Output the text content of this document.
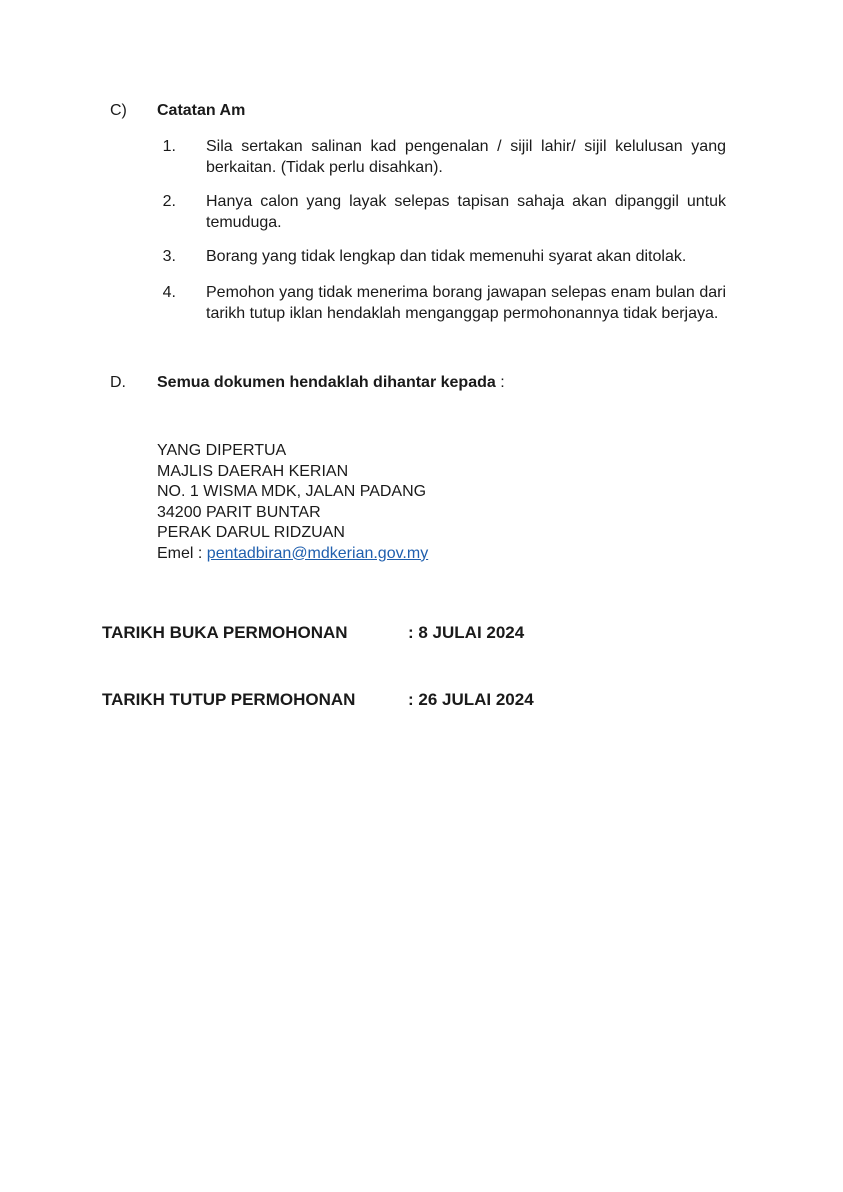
C) Catatan Am
1. Sila sertakan salinan kad pengenalan / sijil lahir/ sijil kelulusan yang berkaitan. (Tidak perlu disahkan).
2. Hanya calon yang layak selepas tapisan sahaja akan dipanggil untuk temuduga.
3. Borang yang tidak lengkap dan tidak memenuhi syarat akan ditolak.
4. Pemohon yang tidak menerima borang jawapan selepas enam bulan dari tarikh tutup iklan hendaklah menganggap permohonannya tidak berjaya.
D. Semua dokumen hendaklah dihantar kepada :
YANG DIPERTUA
MAJLIS DAERAH KERIAN
NO. 1 WISMA MDK, JALAN PADANG
34200 PARIT BUNTAR
PERAK DARUL RIDZUAN
Emel : pentadbiran@mdkerian.gov.my
TARIKH BUKA PERMOHONAN	: 8 JULAI 2024
TARIKH TUTUP PERMOHONAN	: 26 JULAI 2024
